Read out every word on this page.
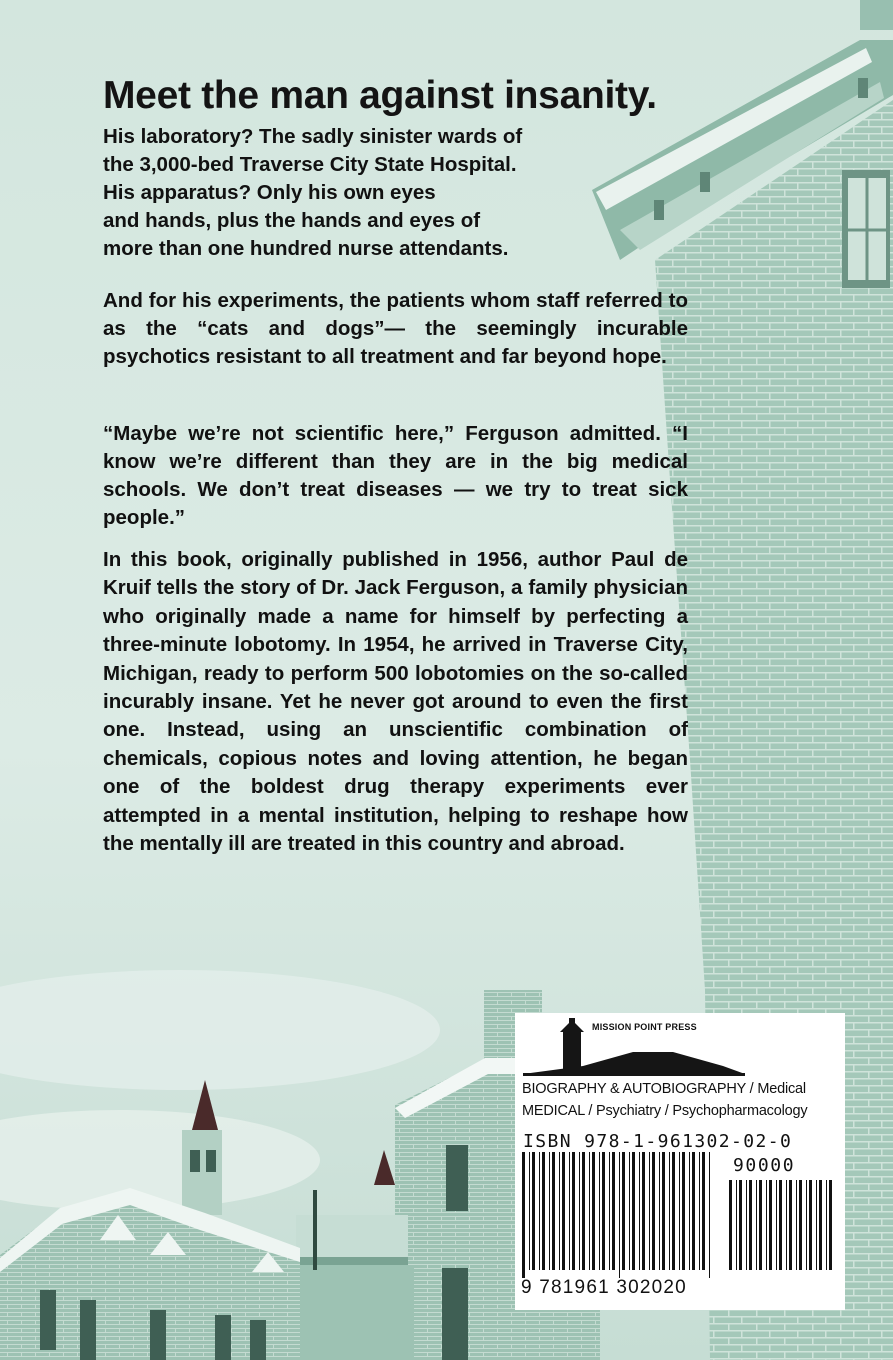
Meet the man against insanity.

His laboratory? The sadly sinister wards of
the 3,000-bed Traverse City State Hospital.
His apparatus? Only his own eyes
and hands, plus the hands and eyes of
more than one hundred nurse attendants.

And for his experiments, the patients whom staff referred to as the “cats and dogs”— the seemingly incurable psychotics resistant to all treatment and far beyond hope.

“Maybe we’re not scientific here,” Ferguson admitted. “I know we’re different than they are in the big medical schools. We don’t treat diseases — we try to treat sick people.”

In this book, originally published in 1956, author Paul de Kruif tells the story of Dr. Jack Ferguson, a family physician who originally made a name for himself by perfecting a three-minute lobotomy. In 1954, he arrived in Traverse City, Michigan, ready to perform 500 lobotomies on the so-called incurably insane. Yet he never got around to even the first one. Instead, using an unscientific combination of chemicals, copious notes and loving attention, he began one of the boldest drug therapy experiments ever attempted in a mental institution, helping to reshape how the mentally ill are treated in this country and abroad.

MISSION POINT PRESS
BIOGRAPHY & AUTOBIOGRAPHY / Medical
MEDICAL / Psychiatry / Psychopharmacology
ISBN 978-1-961302-02-0
90000
9 781961 302020
